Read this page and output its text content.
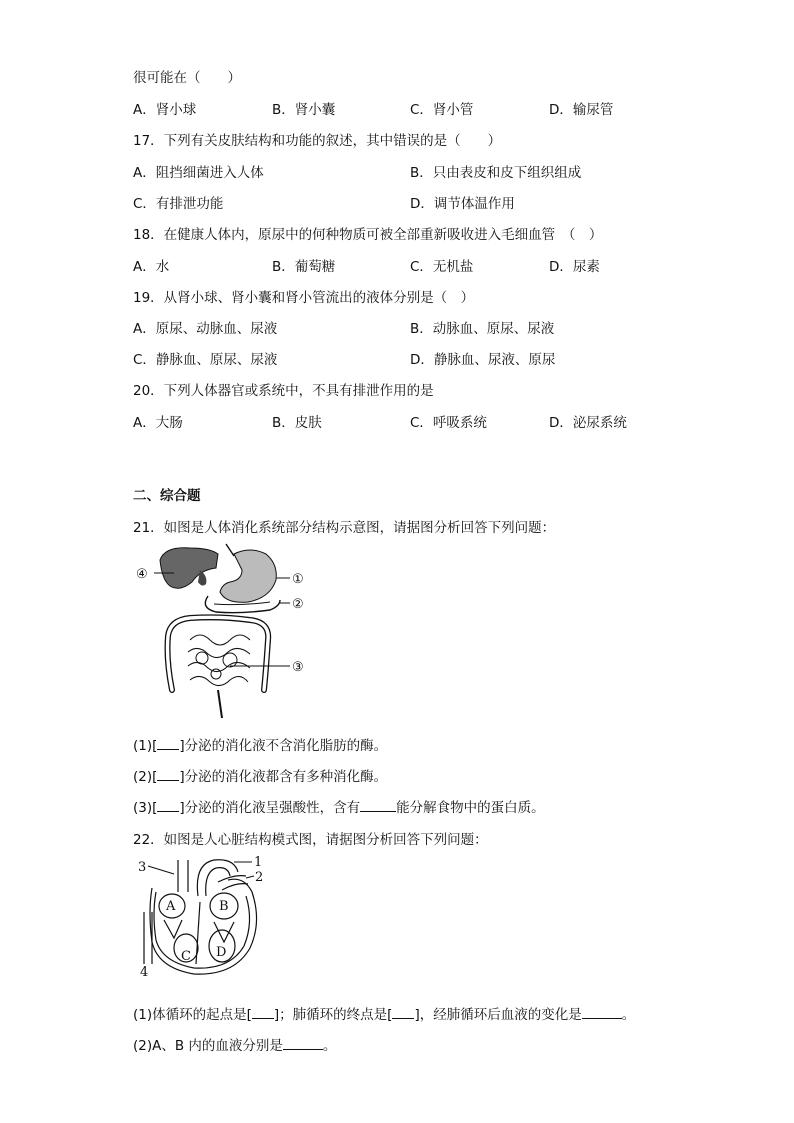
很可能在（　　）
A．肾小球	B．肾小囊	C．肾小管	D．输尿管
17．下列有关皮肤结构和功能的叙述，其中错误的是（　　）
A．阻挡细菌进入人体	B．只由表皮和皮下组织组成
C．有排泄功能	D．调节体温作用
18．在健康人体内，原尿中的何种物质可被全部重新吸收进入毛细血管　（　）
A．水	B．葡萄糖	C．无机盐	D．尿素
19．从肾小球、肾小囊和肾小管流出的液体分别是（　）
A．原尿、动脉血、尿液	B．动脉血、原尿、尿液
C．静脉血、原尿、尿液	D．静脉血、尿液、原尿
20．下列人体器官或系统中，不具有排泄作用的是
A．大肠	B．皮肤	C．呼吸系统	D．泌尿系统
二、综合题
21．如图是人体消化系统部分结构示意图，请据图分析回答下列问题：
④	①
②
③
(1)[ ]分泌的消化液不含消化脂肪的酶。
(2)[ ]分泌的消化液都含有多种消化酶。
(3)[ ]分泌的消化液呈强酸性，含有	能分解食物中的蛋白质。
22．如图是人心脏结构模式图，请据图分析回答下列问题：
3	1
2
A	B
C D
4
(1)体循环的起点是[ ]；肺循环的终点是[ ]，经肺循环后血液的变化是	。
(2)A、B 内的血液分别是	。
